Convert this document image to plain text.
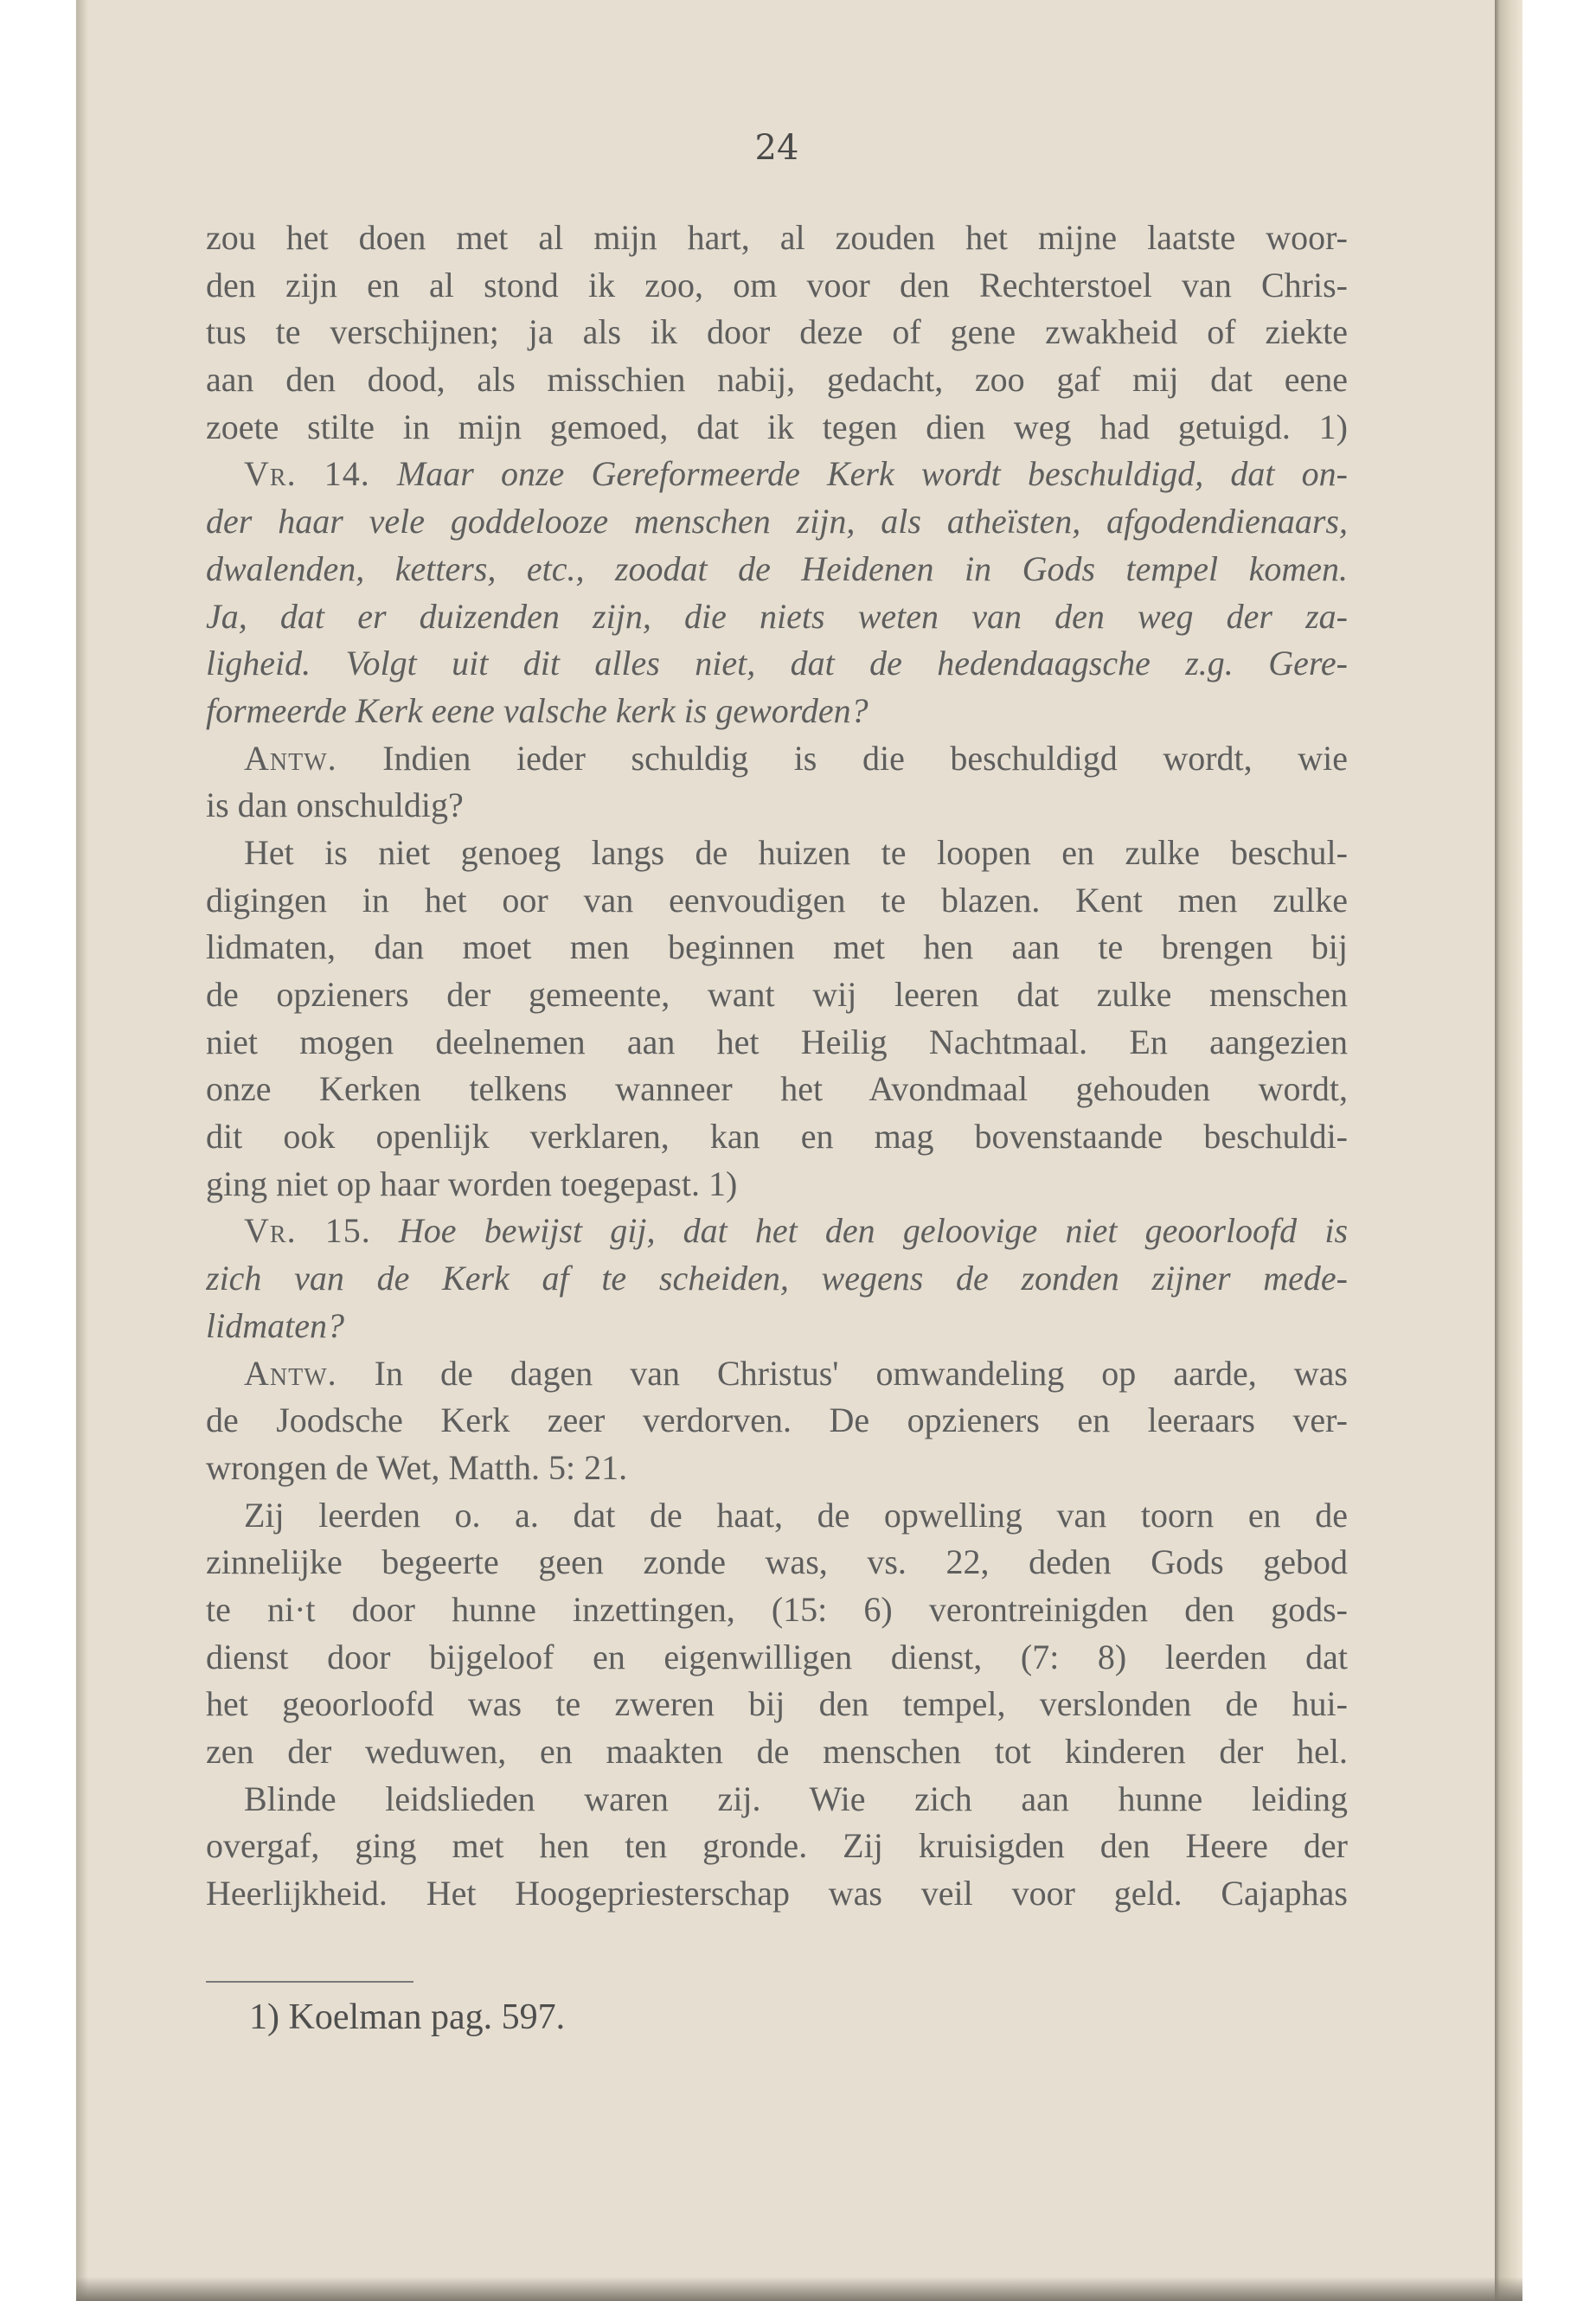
24
zou het doen met al mijn hart, al zouden het mijne laatste woor-
den zijn en al stond ik zoo, om voor den Rechterstoel van Chris-
tus te verschijnen; ja als ik door deze of gene zwakheid of ziekte
aan den dood, als misschien nabij, gedacht, zoo gaf mij dat eene
zoete stilte in mijn gemoed, dat ik tegen dien weg had getuigd. 1)
Vr. 14. Maar onze Gereformeerde Kerk wordt beschuldigd, dat on-
der haar vele goddelooze menschen zijn, als atheïsten, afgodendienaars,
dwalenden, ketters, etc., zoodat de Heidenen in Gods tempel komen.
Ja, dat er duizenden zijn, die niets weten van den weg der za-
ligheid. Volgt uit dit alles niet, dat de hedendaagsche z.g. Gere-
formeerde Kerk eene valsche kerk is geworden?
Antw. Indien ieder schuldig is die beschuldigd wordt, wie
is dan onschuldig?
Het is niet genoeg langs de huizen te loopen en zulke beschul-
digingen in het oor van eenvoudigen te blazen. Kent men zulke
lidmaten, dan moet men beginnen met hen aan te brengen bij
de opzieners der gemeente, want wij leeren dat zulke menschen
niet mogen deelnemen aan het Heilig Nachtmaal. En aangezien
onze Kerken telkens wanneer het Avondmaal gehouden wordt,
dit ook openlijk verklaren, kan en mag bovenstaande beschuldi-
ging niet op haar worden toegepast. 1)
Vr. 15. Hoe bewijst gij, dat het den geloovige niet geoorloofd is
zich van de Kerk af te scheiden, wegens de zonden zijner mede-
lidmaten?
Antw. In de dagen van Christus' omwandeling op aarde, was
de Joodsche Kerk zeer verdorven. De opzieners en leeraars ver-
wrongen de Wet, Matth. 5: 21.
Zij leerden o. a. dat de haat, de opwelling van toorn en de
zinnelijke begeerte geen zonde was, vs. 22, deden Gods gebod
te ni·t door hunne inzettingen, (15: 6) verontreinigden den gods-
dienst door bijgeloof en eigenwilligen dienst, (7: 8) leerden dat
het geoorloofd was te zweren bij den tempel, verslonden de hui-
zen der weduwen, en maakten de menschen tot kinderen der hel.
Blinde leidslieden waren zij. Wie zich aan hunne leiding
overgaf, ging met hen ten gronde. Zij kruisigden den Heere der
Heerlijkheid. Het Hoogepriesterschap was veil voor geld. Cajaphas
1) Koelman pag. 597.
